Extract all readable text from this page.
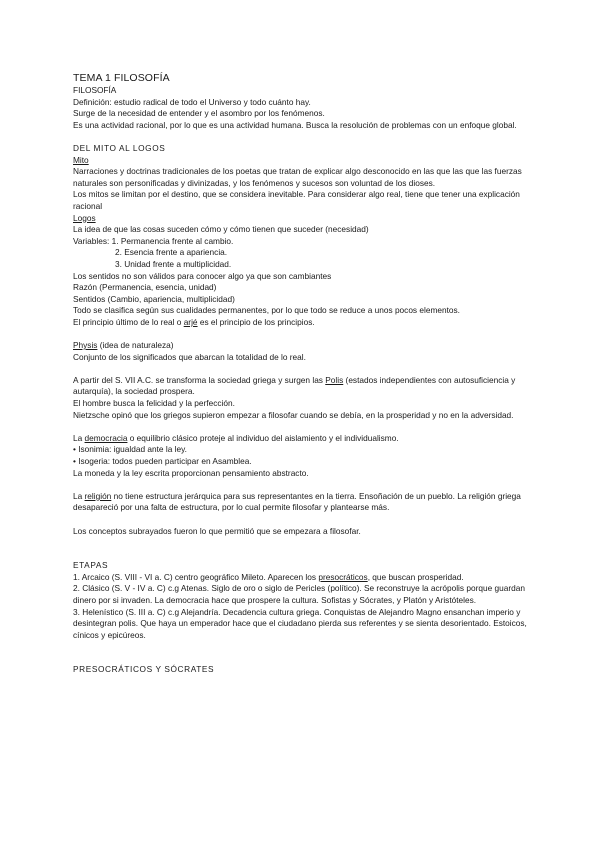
TEMA 1 FILOSOFÍA

FILOSOFÍA

Definición: estudio radical de todo el Universo y todo cuánto hay.

Surge de la necesidad de entender y el asombro por los fenómenos.

Es una actividad racional, por lo que es una actividad humana. Busca la resolución de problemas con un enfoque global.

DEL MITO AL LOGOS

Mito

Narraciones y doctrinas tradicionales de los poetas que tratan de explicar algo desconocido en las que las que las fuerzas naturales son personificadas y divinizadas, y los fenómenos y sucesos son voluntad de los dioses.

Los mitos se limitan por el destino, que se considera inevitable. Para considerar algo real, tiene que tener una explicación racional

Logos

La idea de que las cosas suceden cómo y cómo tienen que suceder (necesidad)

Variables: 1. Permanencia frente al cambio.

2. Esencia frente a apariencia.

3. Unidad frente a multiplicidad.

Los sentidos no son válidos para conocer algo ya que son cambiantes

Razón (Permanencia, esencia, unidad)

Sentidos (Cambio, apariencia, multiplicidad)

Todo se clasifica según sus cualidades permanentes, por lo que todo se reduce a unos pocos elementos.

El principio último de lo real o arjé es el principio de los principios.

Physis (idea de naturaleza)

Conjunto de los significados que abarcan la totalidad de lo real.

A partir del S. VII A.C. se transforma la sociedad griega y surgen las Polis (estados independientes con autosuficiencia y autarquía), la sociedad prospera.

El hombre busca la felicidad y la perfección.

Nietzsche opinó que los griegos supieron empezar a filosofar cuando se debía, en la prosperidad y no en la adversidad.

La democracia o equilibrio clásico proteje al individuo del aislamiento y el individualismo.

• Isonimia: igualdad ante la ley.

• Isogeria: todos pueden participar en Asamblea.

La moneda y la ley escrita proporcionan pensamiento abstracto.

La religión no tiene estructura jerárquica para sus representantes en la tierra. Ensoñación de un pueblo. La religión griega desapareció por una falta de estructura, por lo cual permite filosofar y plantearse más.

Los conceptos subrayados fueron lo que permitió que se empezara a filosofar.

ETAPAS

1. Arcaico (S. VIII - VI a. C) centro geográfico Mileto. Aparecen los presocráticos, que buscan prosperidad.

2. Clásico (S. V - IV a. C) c.g Atenas. Siglo de oro o siglo de Pericles (político). Se reconstruye la acrópolis porque guardan dinero por si invaden. La democracia hace que prospere la cultura. Sofistas y Sócrates, y Platón y Aristóteles.

3. Helenístico (S. III a. C) c.g Alejandría. Decadencia cultura griega. Conquistas de Alejandro Magno ensanchan imperio y desintegran polis. Que haya un emperador hace que el ciudadano pierda sus referentes y se sienta desorientado. Estoicos, cínicos y epicúreos.

PRESOCRÁTICOS Y SÓCRATES
